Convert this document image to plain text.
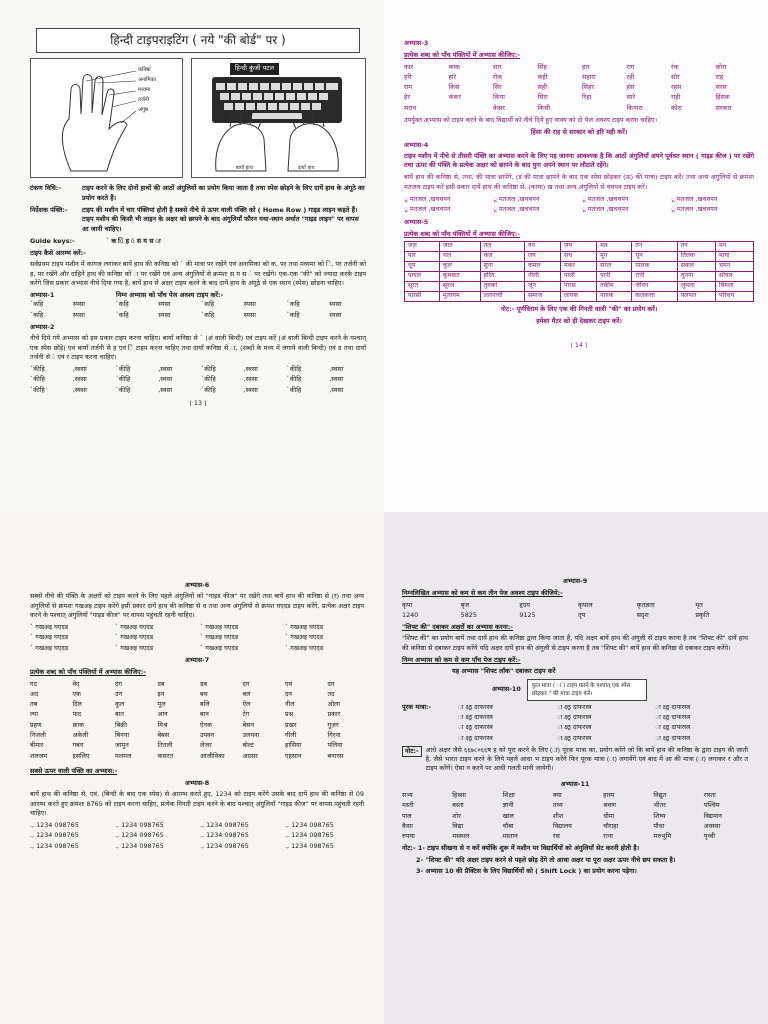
हिन्दी टाइपराइटिंग ( नये "की बोर्ड" पर )
कनिष्ठा
अनामिका
मध्यमा
तर्जनी
अंगुष्ठ
हिन्दी कुंजी पटल
बायाँ हाथ	दायाँ हाथ
टंकण विधि:-	टाइप करने के लिए दोनों हाथों की आठों अंगुलियों का प्रयोग किया जाता है तथा स्पेस छोड़ने के लिए दायें हाथ के अंगूठे का प्रयोग करते हैं।
निर्देशक पंक्ति:-	टाइप की मशीन में चार पंक्तियां होती है सबसे नीचे से ऊपर वाली पंक्ति को ( Home Row ) गाइड लाइन कहते हैं। टाइप मशीन की किसी भी लाइन के अक्षर को छापने के बाद अंगुलियाँ फौरन यथा-स्थान अर्थात "गाइड लाइन" पर वापस आ जानी चाहिए।
Guide keys:-	` क ि ह ं स य स ा
टाइप कैसे आरम्भ करें:-
सर्वप्रथम टाइप मशीन में कागज लगाकर बायें हाथ की कनिष्ठा को ` की मात्रा पर रखेंगे एवं अनामिका को क, पर तथा मध्यमा को ि, पर तर्जनी को ह, पर रखेंगे और दाहिने हाथ की कनिष्ठा को ा पर रखेंगे एवं अन्य अंगुलियों से क्रमशः स य स ं पर रखेंगे। एक-एक "की" को ज्यादा करके टाइप करेंगे जिस प्रकार अभ्यास नीचे दिया गया है, बायें हाथ से अक्षर टाइप करने के बाद दायें हाथ के अंगूठे से एक स्थान (स्पेस) छोड़ना चाहिए।
अभ्यास-1	निम्न अभ्यास को पाँच पेज अवश्य टाइप करें:-
`कहि	स्यसा	`कहि	स्यसा	`कहि	स्यसा	`कहि	स्यसा
`कहि	स्यसा	`कहि	स्यसा	`कहि	स्यसा	`कहि	स्यसा
अभ्यास-2
नीचे दिये गये अभ्यास को इस प्रकार टाइप करना चाहिए। बायाँ कनिष्ठा से ` (अं वाली बिन्दी) एवं टाइप करें (अं वाली बिन्दी टाइप करने के पश्चात् एक स्पेस छोड़े) एवं बायाँ तर्जनी से ह एवं ि टाइप करना चाहिए तथा दायाँ कनिष्ठा से ा, (शब्दों के मध्य में लगाये वाली बिन्दी) एवं ड तथा दायाँ तर्जनी से ं एवं र टाइप करना चाहिए।
`कीहि	,स्वसा	`कीहि	,स्वसा	`कीहि	,स्वसा	`कीहि	,स्वसा
`कीहि	,स्वसा	`कीहि	,स्वसा	`कीहि	,स्वसा	`कीहि	,स्वसा
`कीहि	,स्वसा	`कीहि	,स्वसा	`कीहि	,स्वसा	`कीहि	,स्वसा
( 13 )
अभ्यास-3
प्रत्येक शब्द को पाँच पंक्तियों में अभ्यास कीजिए:-
कार	काक	सार	सिंह	हार	राग	रंक	कोरा
हरि	हारे	रोक	कही	सहारा	रही	सोर	राह
राम	किस	सिर	सही	सिहर	हंस	रहस	सरस
हेर	कंकर	किया	सिरा	रिहा	सारे	राही	हिंसक
सराय	केसर	किसी	कियारा	कोरा	सरकार
उपर्युक्त अभ्यास को टाइप करने के बाद विद्यार्थी को नीचे दिये हुए वाक्य को दो पेज अवश्य टाइप करना चाहिए।
हिंसा की राह से सरकार को हरि मही करें।
अभ्यास-4
टाइप मशीन में नीचे से तीसरी पंक्ति का अभ्यास करने के लिए यह जानना आवश्यक है कि आठों अंगुलियाँ अपने पूर्ववत स्थान ( गाइड कीज ) पर रखेंगे तथा ऊपर की पंक्ति के प्रत्येक अक्षर को छापने के बाद पुनः अपने स्थान पर लौटाते रहेंगे।
बायें हाथ की कनिष्ठा से, तथा, की मात्रा छापेंगे, (ड की मात्रा छापने के बाद एक स्पेस छोड़कर (ऊ) की मात्रा) टाइप करें। तथा अन्य अंगुलियों से क्रमशः मतजल टाइप करें इसी प्रकार दायें हाथ की कनिष्ठा से, (कामा) ख तथा अन्य अंगुलियों से चवपन टाइप करें।
ू मतजल ,खचवपन	ू मतजल ,खचवपन	ू मतजल ,खचवपन	ू मतजल ,खचवपन
ू मतजल ,खचवपन	ू मतजल ,खचवपन	ू मतजल ,खचवपन	ू मतजल ,खचवपन
अभ्यास-5
प्रत्येक शब्द को पाँच पंक्तियों में अभ्यास कीजिए:-
जल	जात	तल	वन	जय	मत	तन	तन	मन
पल	चल	कल	लय	सच	मून	चुन	तिलक	माया
धूप	कुल	सुना	कमल	मकर	सरल	पालक	सकल	चमन
पायल	कुमकत	हरित	नीली	पाली	पानी	रानी	चुनना	सोयल
सूरत	सूरज	तुमको	जून	पारस	तकीम	जीवन	जुमला	बिमला
पारसी	मुलायम	ललनाची	समाज	लायक	नायक	कलकत्ता	पलपल	परिचय
नोट:- पूर्णविराम के लिए एक की गिनती वाली "की" का प्रयोग करें।
हमेशा मैटर को ही देखकर टाइप करें।
( 14 )
अभ्यास-6
सबसे नीचे की पंक्ति के अक्षरों को टाइप करने के लिए पहले अंगुलियों को "गाइड कीज" पर रखेंगे तथा बायें हाथ की कनिष्ठा से (र) तथा अन्य अंगुलियों से क्रमशः गखअइ टाइप करेंगे इसी प्रकार दायें हाथ की कनिष्ठा से ध तथा अन्य अंगुलियों से क्रमश घएदड टाइप करेंगे, प्रत्येक अक्षर टाइप करने के पश्चात् अंगुलियाँ "गाइड कीज" पर वापस पहुंचती रहनी चाहिए।
` गखअइ घएदड	` गखअइ घएदड	` गखअइ घएदड	` गखअइ घएदड
` गखअइ घएदड	` गखअइ घएदड	` गखअइ घएदड	` गखअइ घएदड
` गखअइ घएदड	` गखअइ घएदड	` गखअइ घएदड	` गखअइ घएदड
अभ्यास-7
प्रत्येक शब्द को पाँच पंक्तियों में अभ्यास कीजिए:-
गद	वेद	दंग	दब	डब	दग	एवं	दंग
अद	एक	उन	इन	बच	बल	दन	तद
तब	दिल	कुल	मूल	बलि	ऐल	नील	ओला
ल्पा	पाद	बात	आन	बान	टेग	प्रश्न	प्रकार
प्रहण	क्राक	बिक्री	मिश्र	ऐनक	बेसन	प्रखर	गुज़र
निजली	अकेली	बिनना	बेबस	उपवन	उलयना	गीली	गिरना
बीमार	गबन	जामुन	तितली	लेजर	बोल्ट	हासिया	पलिया
शलजम	इसलिए	मलमल	कसरत	आजीविका	अग्रसर	एहसान	बनारस
सबसे ऊपर वाली पंक्ति का अभ्यास:-
अभ्यास-8
बायें हाथ की कनिष्ठा से, एवं, (बिन्दी के बाद एक स्पेस) से आरम्भ करते हुए, 1234 को टाइप करेंगे उसके बाद दायें हाथ की कनिष्ठा से 09 आरम्भ करते हुए क्रमशः 8765 को टाइप करना चाहिए, प्रत्येक निनती टाइप करने के बाद पश्चात् अंगुलियाँ "गाइड कीज" पर वापस पहुंचती रहनी चाहिए।
., 1234 098765	., 1234 098765	., 1234 098765	., 1234 098765
., 1234 098765	., 1234 098765	., 1234 098765	., 1234 098765
., 1234 098765	., 1234 098765	., 1234 098765	., 1234 098765
अभ्यास-9
निम्नलिखित अभ्यास को कम से कम तीन पेज अवश्य टाइप कीजिये:-
कृपा	बृज	हृदय	कृपाल	कृतज्ञता	मृत
1240	5825	9125	तृप	सदृश	प्रकृति
"शिफ्ट की" दबाकर अक्षरों का अभ्यास करना:-
"शिफ्ट की" का प्रयोग बायें तथा दायें हाथ की कनिष्ठा द्वारा किया जाता है, यदि अक्षर बायें हाथ की अंगुली से टाइप करना है तब "शिफ्ट की" दायें हाथ की कनिष्ठा से दबाकर टाइप करेंगे यदि अक्षर दायें हाथ की अंगुली से टाइप करना है तब "शिफ्ट की" बायें हाथ की कनिष्ठा से दबाकर टाइप करेंगे।
निम्न अभ्यास को कम से कम पाँच पेज टाइप करें:-
यह अभ्यास "शिफ्ट लॉक" दबाकर टाइप करें
अभ्यास-10	फुल मात्रा ( ा ) टाइप करने के पश्चात् एक स्पेस छोड़कर " की मात्रा टाइप करें।
पूरक मात्रा:-	ा क्ष्ठ्र दाफरस्त्र	ा क्ष्ठ्र दाफरस्त्र	ा क्ष्ठ्र दाफरस्त्र
ा क्ष्ठ्र दाफरस्त्र	ा क्ष्ठ्र दाफरस्त्र	ा क्ष्ठ्र दाफरस्त्र
ा क्ष्ठ्र दाफरस्त्र	ा क्ष्ठ्र दाफरस्त्र	ा क्ष्ठ्र दाफरस्त्र
ा क्ष्ठ्र दाफरस्त्र	ा क्ष्ठ्र दाफरस्त्र	ा क्ष्ठ्र दाफरस्त्र
नोट:-	आधे अक्षर जैसे ६६७८०६६ष ह को पूरा करने के लिए (ा) पूरक मात्रा का, प्रयोग करेंगे जो कि बायें हाथ की कनिष्ठा के द्वारा टाइप की जाती है, जैसे भारत टाइप करने के लिये पहले आधा भ टाइप करेंगे फिर पूरक मात्रा (ा) लगायेंगे एवं बाद में आ की मात्रा (ा) लगाकर र और त टाइप करेंगे। ऐसा न करने पर आधी गलती मानी जायेगी।
अभ्यास-11
सभ्य	हिस्सा	शिक्षा	क्या	हास्य	विद्युत	रास्ता
मस्ती	बस्ता	ज्ञानी	तथ्य	श्रवण	भीतर	पश्चिम
पाल	शोर	खाल	शीश	धीमा	शिष्य	विद्यमान
कैसा	विद्या	चौबा	विद्यालय	चौराहा	पौधा	अवस्था
रुपया	मस्स्थल	मस्तान	रस	रत्ना	मरुभूमि	पृथ्वी
नोट:- 1- टाइप सीखना से न करें क्योंकि शुरू में मशीन पर विद्यार्थियों को अंगुलियाँ सेट करनी होती है।
2- "शिफ्ट की" यदि अक्षर टाइप करने से पहले छोड़ देंगे तो आधा अक्षर या पूरा अक्षर ऊपर नीचे छप सकता है।
3- अभ्यास 10 की प्रैक्टिस के लिए विद्यार्थियों को ( Shift Lock ) का प्रयोग करना पड़ेगा।
